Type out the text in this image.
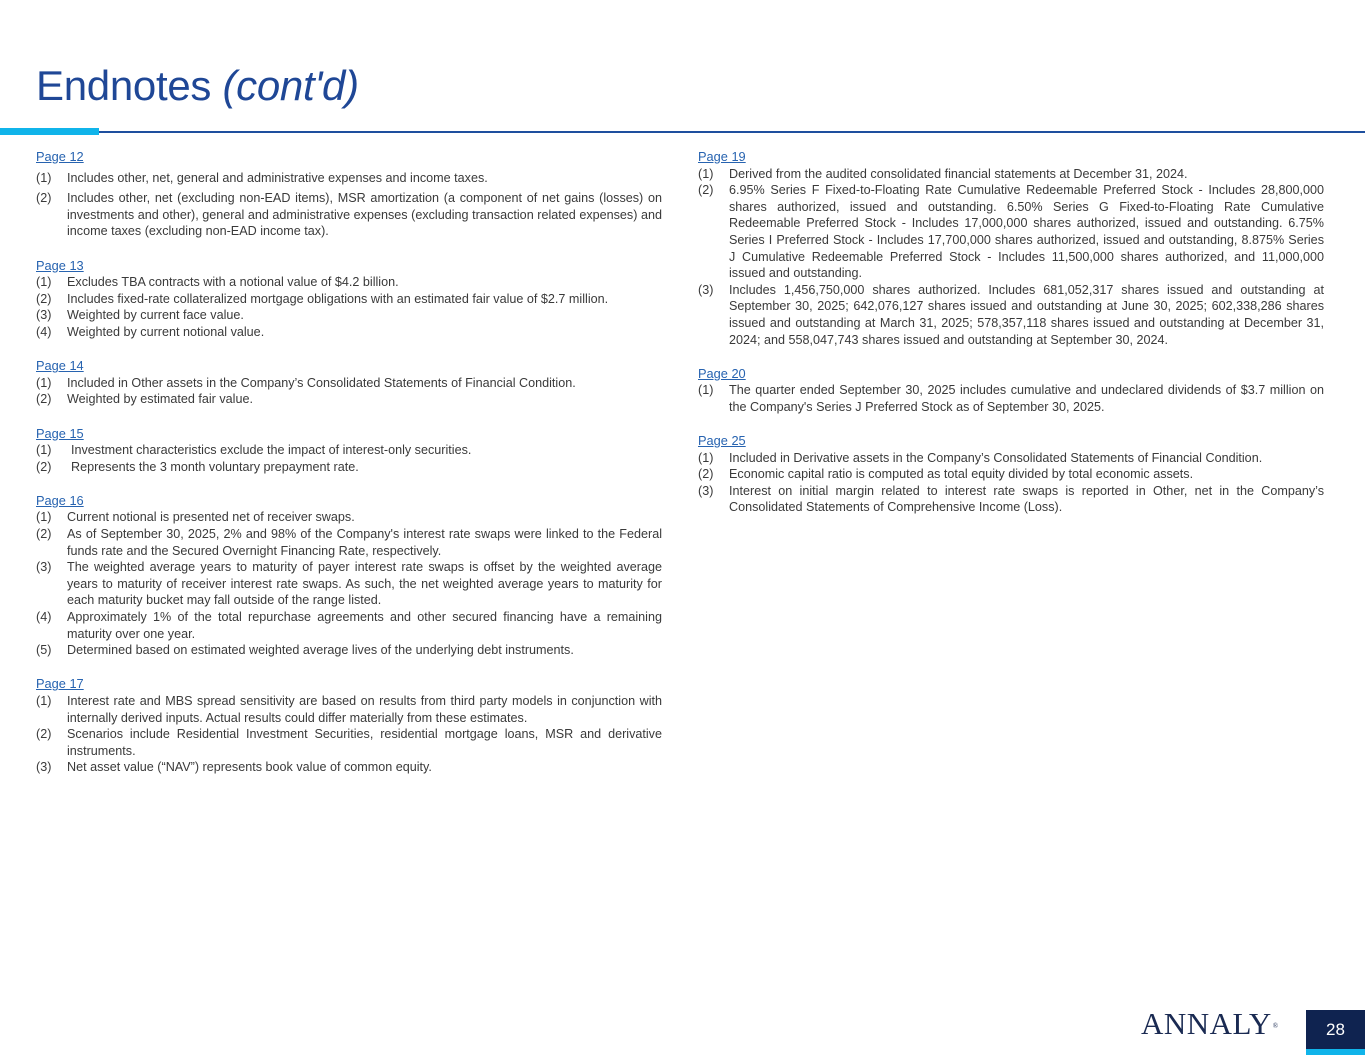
Endnotes (cont'd)
Page 12
(1)	Includes other, net, general and administrative expenses and income taxes.
(2)	Includes other, net (excluding non-EAD items), MSR amortization (a component of net gains (losses) on investments and other), general and administrative expenses (excluding transaction related expenses) and income taxes (excluding non-EAD income tax).
Page 13
(1)	Excludes TBA contracts with a notional value of $4.2 billion.
(2)	Includes fixed-rate collateralized mortgage obligations with an estimated fair value of $2.7 million.
(3)	Weighted by current face value.
(4)	Weighted by current notional value.
Page 14
(1)	Included in Other assets in the Company’s Consolidated Statements of Financial Condition.
(2)	Weighted by estimated fair value.
Page 15
(1)	Investment characteristics exclude the impact of interest-only securities.
(2)	Represents the 3 month voluntary prepayment rate.
Page 16
(1)	Current notional is presented net of receiver swaps.
(2)	As of September 30, 2025, 2% and 98% of the Company's interest rate swaps were linked to the Federal funds rate and the Secured Overnight Financing Rate, respectively.
(3)	The weighted average years to maturity of payer interest rate swaps is offset by the weighted average years to maturity of receiver interest rate swaps. As such, the net weighted average years to maturity for each maturity bucket may fall outside of the range listed.
(4)	Approximately 1% of the total repurchase agreements and other secured financing have a remaining maturity over one year.
(5)	Determined based on estimated weighted average lives of the underlying debt instruments.
Page 17
(1)	Interest rate and MBS spread sensitivity are based on results from third party models in conjunction with internally derived inputs. Actual results could differ materially from these estimates.
(2)	Scenarios include Residential Investment Securities, residential mortgage loans, MSR and derivative instruments.
(3)	Net asset value (“NAV”) represents book value of common equity.
Page 19
(1)	Derived from the audited consolidated financial statements at December 31, 2024.
(2)	6.95% Series F Fixed-to-Floating Rate Cumulative Redeemable Preferred Stock - Includes 28,800,000 shares authorized, issued and outstanding. 6.50% Series G Fixed-to-Floating Rate Cumulative Redeemable Preferred Stock - Includes 17,000,000 shares authorized, issued and outstanding. 6.75% Series I Preferred Stock - Includes 17,700,000 shares authorized, issued and outstanding, 8.875% Series J Cumulative Redeemable Preferred Stock - Includes 11,500,000 shares authorized, and 11,000,000 issued and outstanding.
(3)	Includes 1,456,750,000 shares authorized. Includes 681,052,317 shares issued and outstanding at September 30, 2025; 642,076,127 shares issued and outstanding at June 30, 2025; 602,338,286 shares issued and outstanding at March 31, 2025; 578,357,118 shares issued and outstanding at December 31, 2024; and 558,047,743 shares issued and outstanding at September 30, 2024.
Page 20
(1)	The quarter ended September 30, 2025 includes cumulative and undeclared dividends of $3.7 million on the Company's Series J Preferred Stock as of September 30, 2025.
Page 25
(1)	Included in Derivative assets in the Company’s Consolidated Statements of Financial Condition.
(2)	Economic capital ratio is computed as total equity divided by total economic assets.
(3)	Interest on initial margin related to interest rate swaps is reported in Other, net in the Company’s Consolidated Statements of Comprehensive Income (Loss).
ANNALY®	28
